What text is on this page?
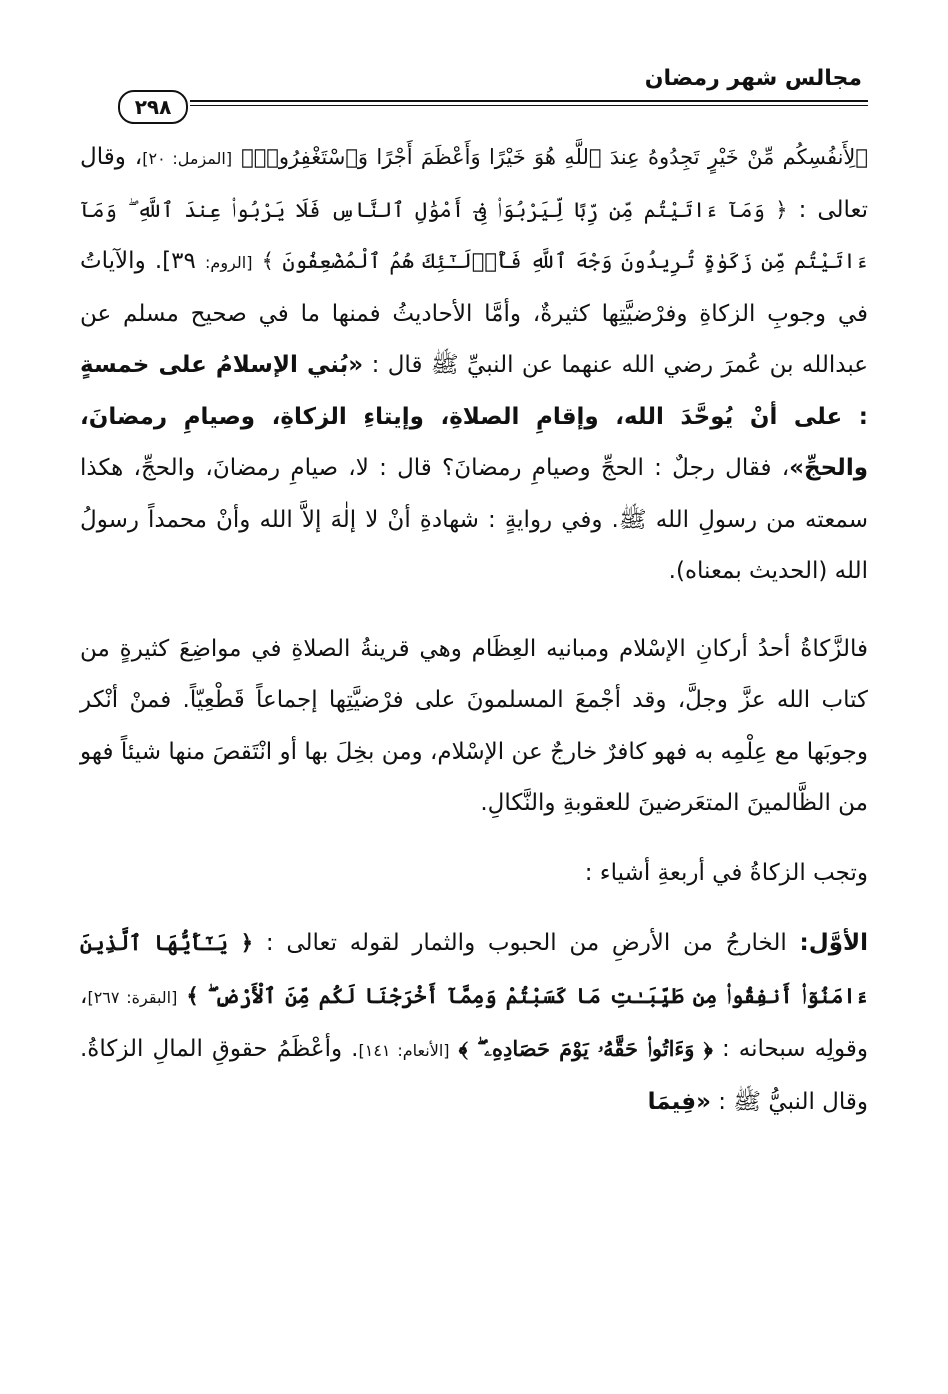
مجالس شهر رمضان
٢٩٨

﴿لِأَنفُسِكُم مِّنْ خَيْرٍ تَجِدُوهُ عِندَ ٱللَّهِ هُوَ خَيْرًا وَأَعْظَمَ أَجْرًا وَٱسْتَغْفِرُوا۟﴾ [المزمل: ٢٠]، وقال تعالى : ﴿ وَمَآ ءَاتَيْتُم مِّن رِّبًا لِّيَرْبُوَا۟ فِىٓ أَمْوَٰلِ ٱلنَّاسِ فَلَا يَرْبُوا۟ عِندَ ٱللَّهِ ۖ وَمَآ ءَاتَيْتُم مِّن زَكَوٰةٍ تُرِيدُونَ وَجْهَ ٱللَّهِ فَأُو۟لَـٰٓئِكَ هُمُ ٱلْمُضْعِفُونَ ﴾ [الروم: ٣٩]. والآياتُ في وجوبِ الزكاةِ وفرْضيَّتِها كثيرةٌ، وأمَّا الأحاديثُ فمنها ما في صحيح مسلم عن عبدالله بن عُمرَ رضي الله عنهما عن النبيِّ ﷺ قال : «بُني الإسلامُ على خمسةٍ : على أنْ يُوحَّدَ الله، وإقامِ الصلاةِ، وإيتاءِ الزكاةِ، وصيامِ رمضانَ، والحجِّ»، فقال رجلٌ : الحجِّ وصيامِ رمضانَ؟ قال : لا، صيامِ رمضانَ، والحجِّ، هكذا سمعته من رسولِ الله ﷺ. وفي روايةٍ : شهادةِ أنْ لا إلٰهَ إلاَّ الله وأنْ محمداً رسولُ الله (الحديث بمعناه).

فالزَّكاةُ أحدُ أركانِ الإسْلام ومبانيه العِظَام وهي قرينةُ الصلاةِ في مواضِعَ كثيرةٍ من كتاب الله عزَّ وجلَّ، وقد أجْمعَ المسلمونَ على فرْضيَّتِها إجماعاً قَطْعِيّاً. فمنْ أنْكر وجوبَها مع عِلْمِه به فهو كافرٌ خارجٌ عن الإسْلام، ومن بخِلَ بها أو انْتَقصَ منها شيئاً فهو من الظَّالمينَ المتعَرضينَ للعقوبةِ والنَّكالِ.

وتجب الزكاةُ في أربعةِ أشياء :

الأوَّل: الخارجُ من الأرضِ من الحبوب والثمار لقوله تعالى : ﴿ يَـٰٓأَيُّهَا ٱلَّذِينَ ءَامَنُوٓا۟ أَنفِقُوا۟ مِن طَيِّبَـٰتِ مَا كَسَبْتُمْ وَمِمَّآ أَخْرَجْنَا لَكُم مِّنَ ٱلْأَرْضِ ۖ ﴾ [البقرة: ٢٦٧]، وقولِه سبحانه : ﴿ وَءَاتُوا۟ حَقَّهُۥ يَوْمَ حَصَادِهِۦ ۖ ﴾ [الأنعام: ١٤١]. وأعْظَمُ حقوقِ المالِ الزكاةُ. وقال النبيُّ ﷺ : «فِيمَا
